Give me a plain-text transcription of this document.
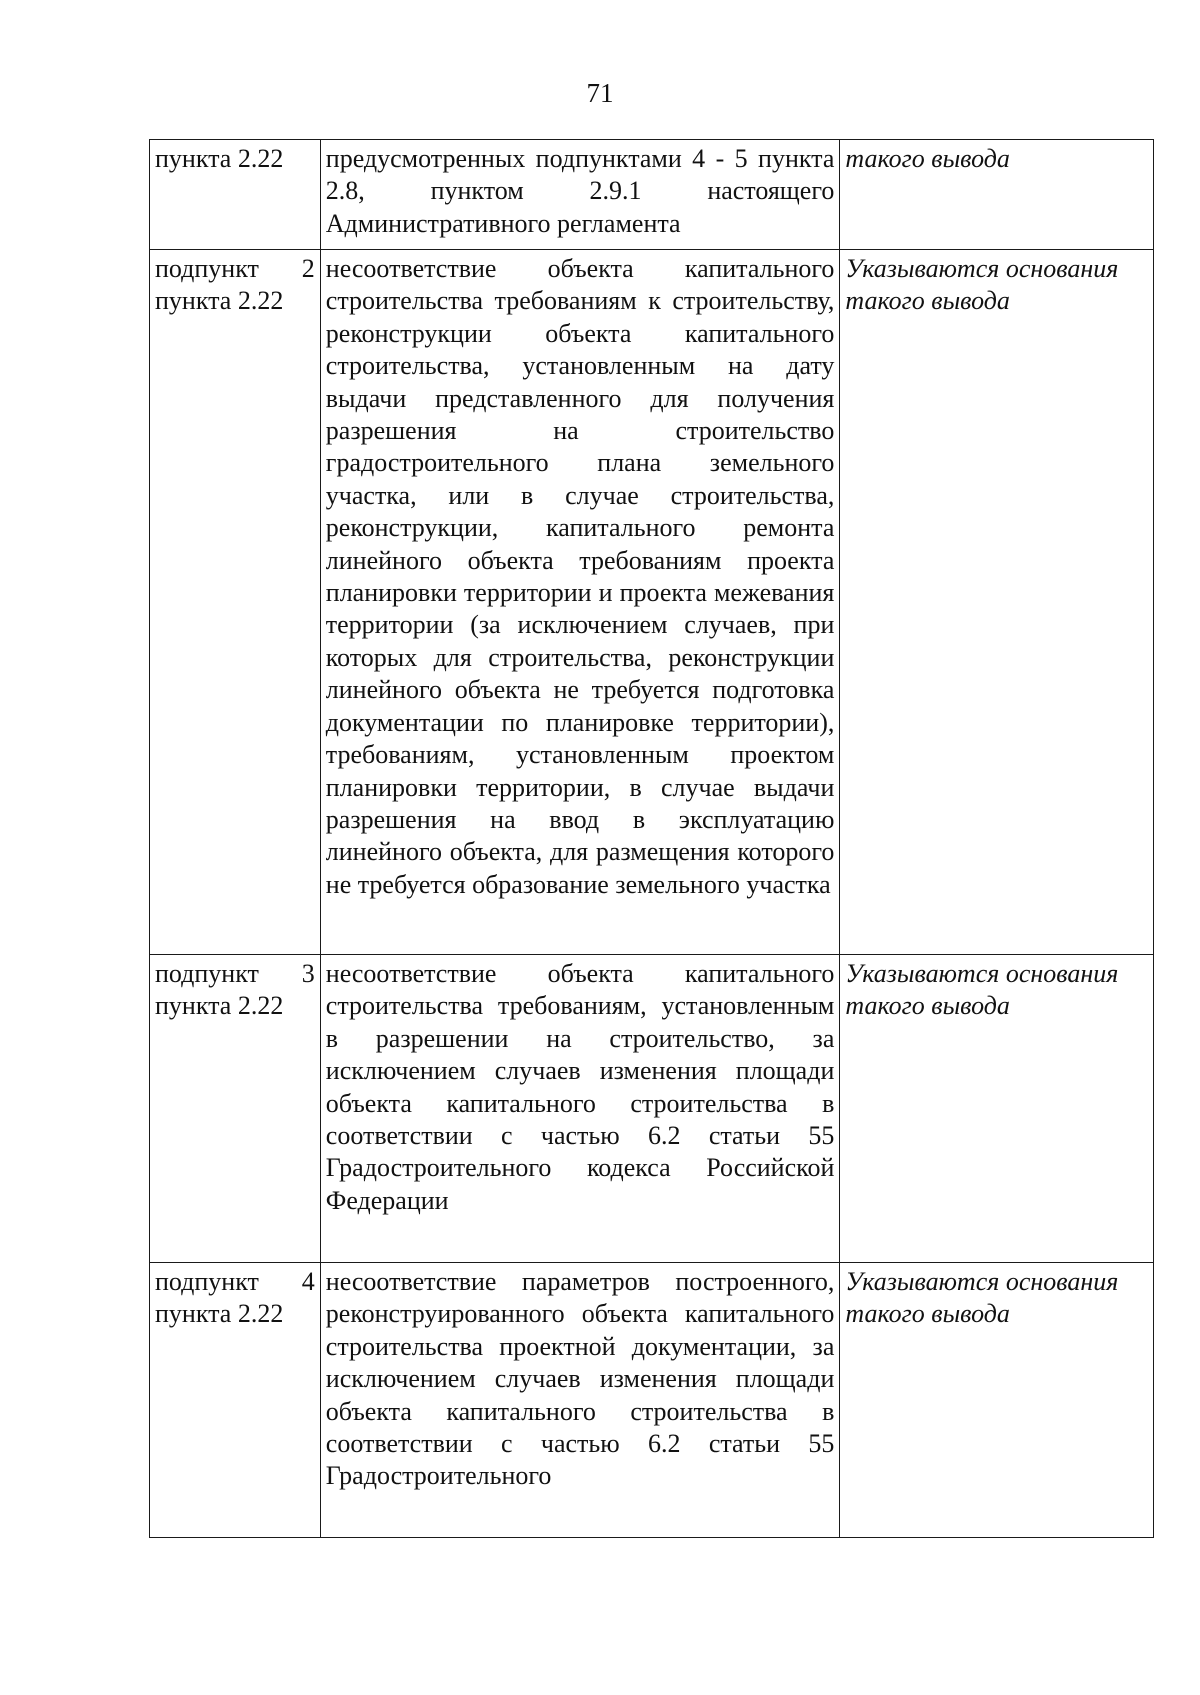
71
пункта 2.22	предусмотренных подпунктами 4 - 5 пункта 2.8, пунктом 2.9.1 настоящего Административного регламента	такого вывода
подпункт 2 пункта 2.22	несоответствие объекта капитального строительства требованиям к строительству, реконструкции объекта капитального строительства, установленным на дату выдачи представленного для получения разрешения на строительство градостроительного плана земельного участка, или в случае строительства, реконструкции, капитального ремонта линейного объекта требованиям проекта планировки территории и проекта межевания территории (за исключением случаев, при которых для строительства, реконструкции линейного объекта не требуется подготовка документации по планировке территории), требованиям, установленным проектом планировки территории, в случае выдачи разрешения на ввод в эксплуатацию линейного объекта, для размещения которого не требуется образование земельного участка	Указываются основания такого вывода
подпункт 3 пункта 2.22	несоответствие объекта капитального строительства требованиям, установленным в разрешении на строительство, за исключением случаев изменения площади объекта капитального строительства в соответствии с частью 6.2 статьи 55 Градостроительного кодекса Российской Федерации	Указываются основания такого вывода
подпункт 4 пункта 2.22	несоответствие параметров построенного, реконструированного объекта капитального строительства проектной документации, за исключением случаев изменения площади объекта капитального строительства в соответствии с частью 6.2 статьи 55 Градостроительного	Указываются основания такого вывода
